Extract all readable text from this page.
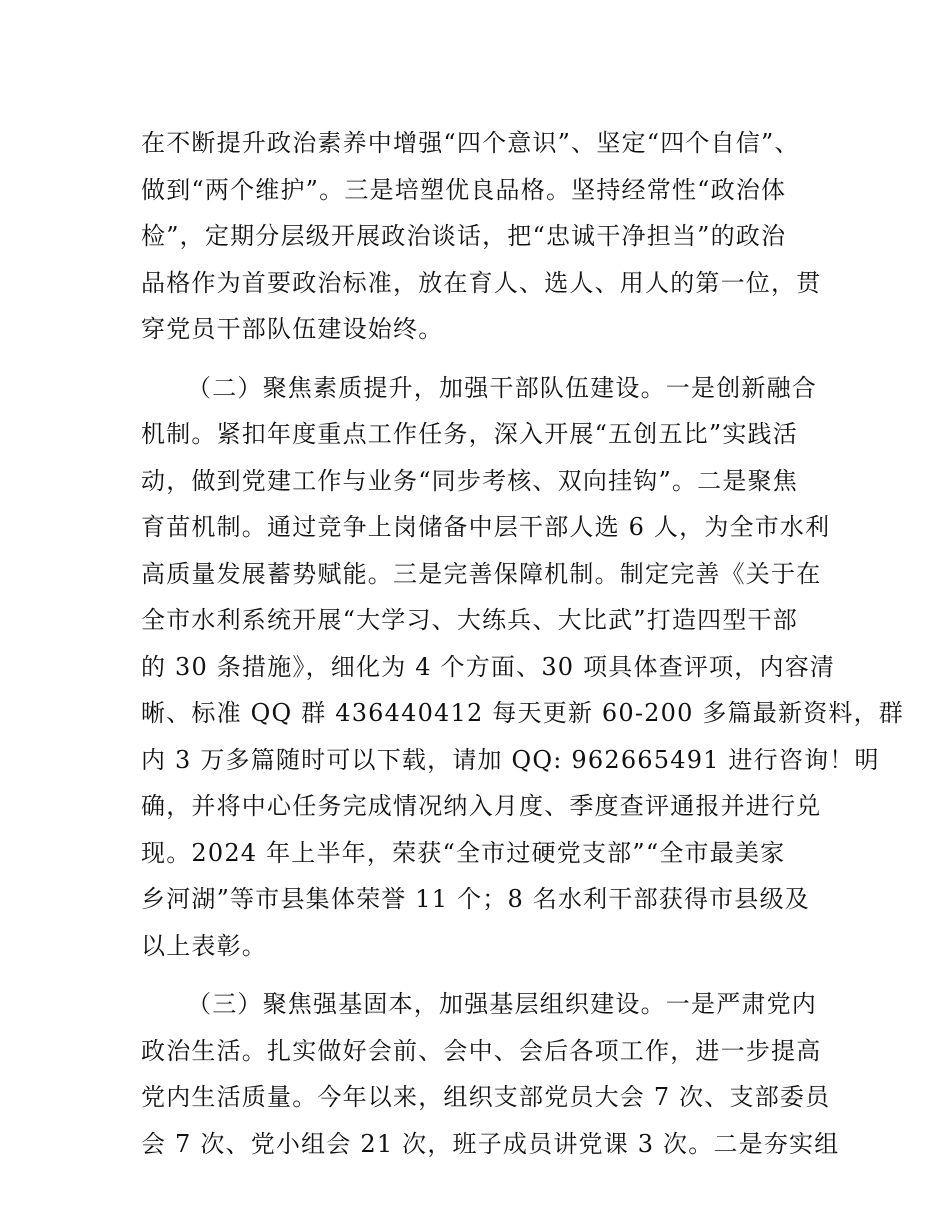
在不断提升政治素养中增强“四个意识”、坚定“四个自信”、
做到“两个维护”。三是培塑优良品格。坚持经常性“政治体
检”，定期分层级开展政治谈话，把“忠诚干净担当”的政治
品格作为首要政治标准，放在育人、选人、用人的第一位，贯
穿党员干部队伍建设始终。
（二）聚焦素质提升，加强干部队伍建设。一是创新融合
机制。紧扣年度重点工作任务，深入开展“五创五比”实践活
动，做到党建工作与业务“同步考核、双向挂钩”。二是聚焦
育苗机制。通过竞争上岗储备中层干部人选 6 人，为全市水利
高质量发展蓄势赋能。三是完善保障机制。制定完善《关于在
全市水利系统开展“大学习、大练兵、大比武”打造四型干部
的 30 条措施》，细化为 4 个方面、30 项具体查评项，内容清
晰、标准 QQ 群 436440412 每天更新 60-200 多篇最新资料，群
内 3 万多篇随时可以下载，请加 QQ: 962665491 进行咨询！明
确，并将中心任务完成情况纳入月度、季度查评通报并进行兑
现。2024 年上半年，荣获“全市过硬党支部”“全市最美家
乡河湖”等市县集体荣誉 11 个；8 名水利干部获得市县级及
以上表彰。
（三）聚焦强基固本，加强基层组织建设。一是严肃党内
政治生活。扎实做好会前、会中、会后各项工作，进一步提高
党内生活质量。今年以来，组织支部党员大会 7 次、支部委员
会 7 次、党小组会 21 次，班子成员讲党课 3 次。二是夯实组
